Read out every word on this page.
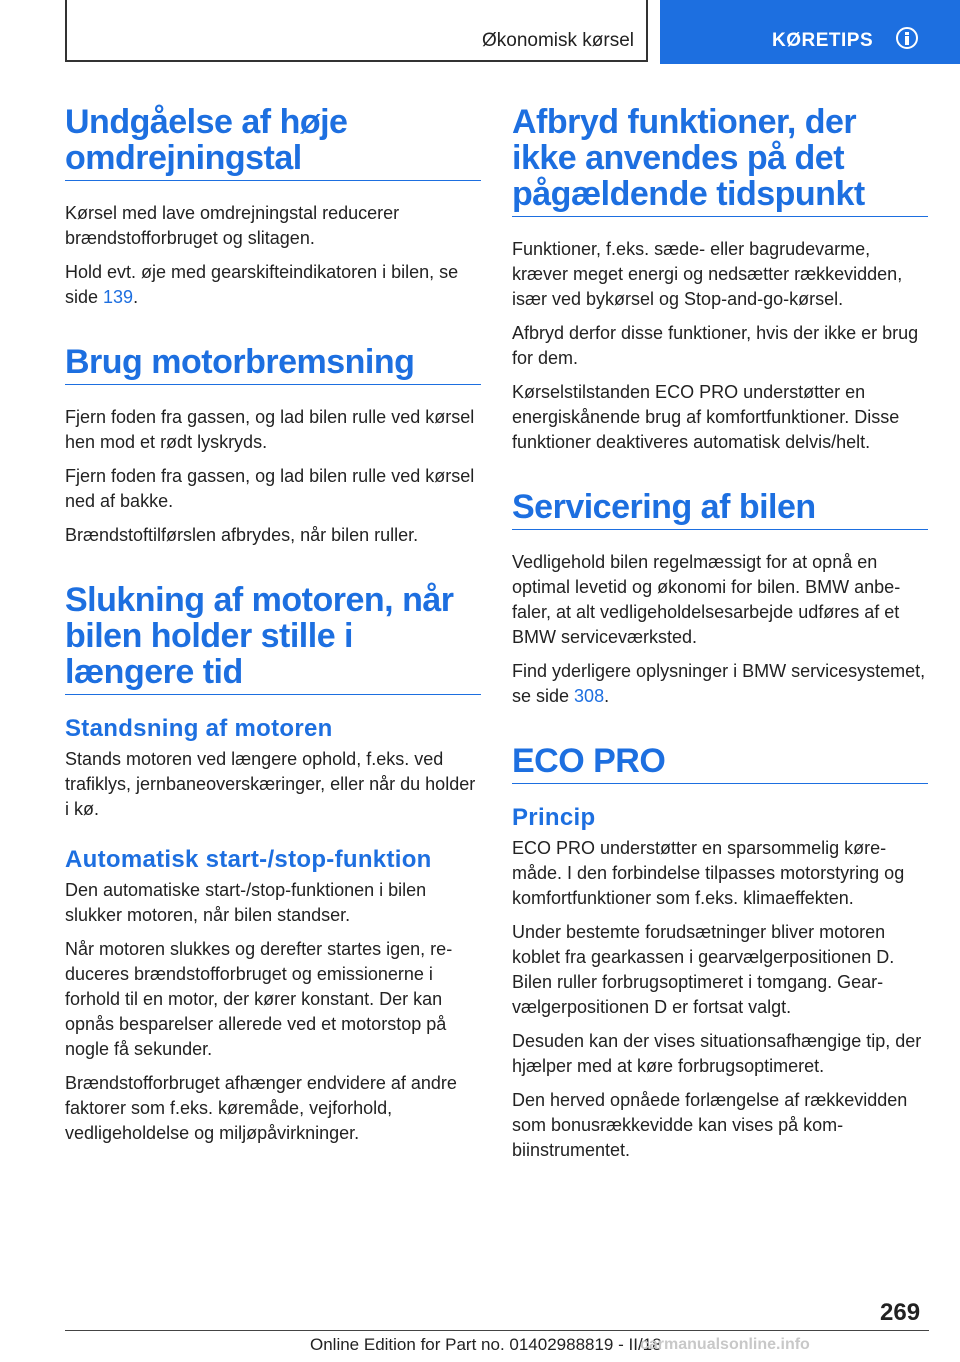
Økonomisk kørsel	KØRETIPS
Undgåelse af høje omdrejningstal

Kørsel med lave omdrejningstal reducerer brændstofforbruget og slitagen.

Hold evt. øje med gearskifteindikatoren i bilen, se side 139.

Brug motorbremsning

Fjern foden fra gassen, og lad bilen rulle ved kørsel hen mod et rødt lyskryds.

Fjern foden fra gassen, og lad bilen rulle ved kørsel ned af bakke.

Brændstoftilførslen afbrydes, når bilen ruller.

Slukning af motoren, når bilen holder stille i længere tid
Standsning af motoren

Stands motoren ved længere ophold, f.eks. ved trafiklys, jernbaneoverskæringer, eller når du holder i kø.

Automatisk start-/stop-funktion

Den automatiske start-/stop-funktionen i bilen slukker motoren, når bilen standser.

Når motoren slukkes og derefter startes igen, reduceres brændstofforbruget og emissionerne i forhold til en motor, der kører konstant. Der kan opnås besparelser allerede ved et motorstop på nogle få sekunder.

Brændstofforbruget afhænger endvidere af andre faktorer som f.eks. køremåde, vejforhold, vedligeholdelse og miljøpåvirkninger.

Afbryd funktioner, der ikke anvendes på det pågældende tidspunkt

Funktioner, f.eks. sæde- eller bagrudevarme, kræver meget energi og nedsætter rækkevidden, især ved bykørsel og Stop-and-go-kørsel.

Afbryd derfor disse funktioner, hvis der ikke er brug for dem.

Kørselstilstanden ECO PRO understøtter en energiskånende brug af komfortfunktioner. Disse funktioner deaktiveres automatisk delvis/helt.

Servicering af bilen

Vedligehold bilen regelmæssigt for at opnå en optimal levetid og økonomi for bilen. BMW anbefaler, at alt vedligeholdelsesarbejde udføres af et BMW serviceværksted.

Find yderligere oplysninger i BMW servicesystemet, se side 308.

ECO PRO
Princip

ECO PRO understøtter en sparsommelig køremåde. I den forbindelse tilpasses motorstyring og komfortfunktioner som f.eks. klimaeffekten.

Under bestemte forudsætninger bliver motoren koblet fra gearkassen i gearvælgerpositionen D. Bilen ruller forbrugsoptimeret i tomgang. Gearvælgerpositionen D er fortsat valgt.

Desuden kan der vises situationsafhængige tip, der hjælper med at køre forbrugsoptimeret.

Den herved opnåede forlængelse af rækkevidden som bonusrækkevidde kan vises på kombiinstrumentet.

269
Online Edition for Part no. 01402988819 - II/18
carmanualsonline.info
